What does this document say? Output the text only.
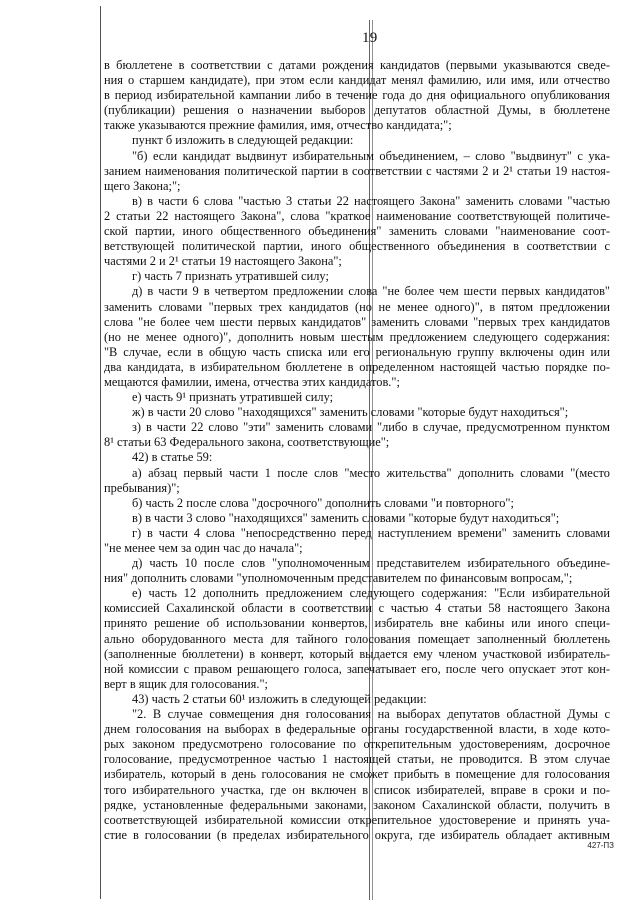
19
в бюллетене в соответствии с датами рождения кандидатов (первыми указываются сведе-
ния о старшем кандидате), при этом если кандидат менял фамилию, или имя, или отчество
в период избирательной кампании либо в течение года до дня официального опубликования
(публикации) решения о назначении выборов депутатов областной Думы, в бюллетене
также указываются прежние фамилия, имя, отчество кандидата;";
пункт б изложить в следующей редакции:
"б) если кандидат выдвинут избирательным объединением, – слово "выдвинут" с ука-
занием наименования политической партии в соответствии с частями 2 и 2¹ статьи 19 настоя-
щего Закона;";
в) в части 6 слова "частью 3 статьи 22 настоящего Закона" заменить словами "частью
2 статьи 22 настоящего Закона", слова "краткое наименование соответствующей политиче-
ской партии, иного общественного объединения" заменить словами "наименование соот-
ветствующей политической партии, иного общественного объединения в соответствии с
частями 2 и 2¹ статьи 19 настоящего Закона";
г) часть 7 признать утратившей силу;
д) в части 9 в четвертом предложении слова "не более чем шести первых кандидатов"
заменить словами "первых трех кандидатов (но не менее одного)", в пятом предложении
слова "не более чем шести первых кандидатов" заменить словами "первых трех кандидатов
(но не менее одного)", дополнить новым шестым предложением следующего содержания:
"В случае, если в общую часть списка или его региональную группу включены один или
два кандидата, в избирательном бюллетене в определенном настоящей частью порядке по-
мещаются фамилии, имена, отчества этих кандидатов.";
е) часть 9¹ признать утратившей силу;
ж) в части 20 слово "находящихся" заменить словами "которые будут находиться";
з) в части 22 слово "эти" заменить словами "либо в случае, предусмотренном пунктом
8¹ статьи 63 Федерального закона, соответствующие";
42) в статье 59:
а) абзац первый части 1 после слов "место жительства" дополнить словами "(место
пребывания)";
б) часть 2 после слова "досрочного" дополнить словами "и повторного";
в) в части 3 слово "находящихся" заменить словами "которые будут находиться";
г) в части 4 слова "непосредственно перед наступлением времени" заменить словами
"не менее чем за один час до начала";
д) часть 10 после слов "уполномоченным представителем избирательного объедине-
ния" дополнить словами "уполномоченным представителем по финансовым вопросам,";
е) часть 12 дополнить предложением следующего содержания: "Если избирательной
комиссией Сахалинской области в соответствии с частью 4 статьи 58 настоящего Закона
принято решение об использовании конвертов, избиратель вне кабины или иного специ-
ально оборудованного места для тайного голосования помещает заполненный бюллетень
(заполненные бюллетени) в конверт, который выдается ему членом участковой избиратель-
ной комиссии с правом решающего голоса, запечатывает его, после чего опускает этот кон-
верт в ящик для голосования.";
43) часть 2 статьи 60¹ изложить в следующей редакции:
"2. В случае совмещения дня голосования на выборах депутатов областной Думы с
днем голосования на выборах в федеральные органы государственной власти, в ходе кото-
рых законом предусмотрено голосование по открепительным удостоверениям, досрочное
голосование, предусмотренное частью 1 настоящей статьи, не проводится. В этом случае
избиратель, который в день голосования не сможет прибыть в помещение для голосования
того избирательного участка, где он включен в список избирателей, вправе в сроки и по-
рядке, установленные федеральными законами, законом Сахалинской области, получить в
соответствующей избирательной комиссии открепительное удостоверение и принять уча-
стие в голосовании (в пределах избирательного округа, где избиратель обладает активным
427-ПЗ
